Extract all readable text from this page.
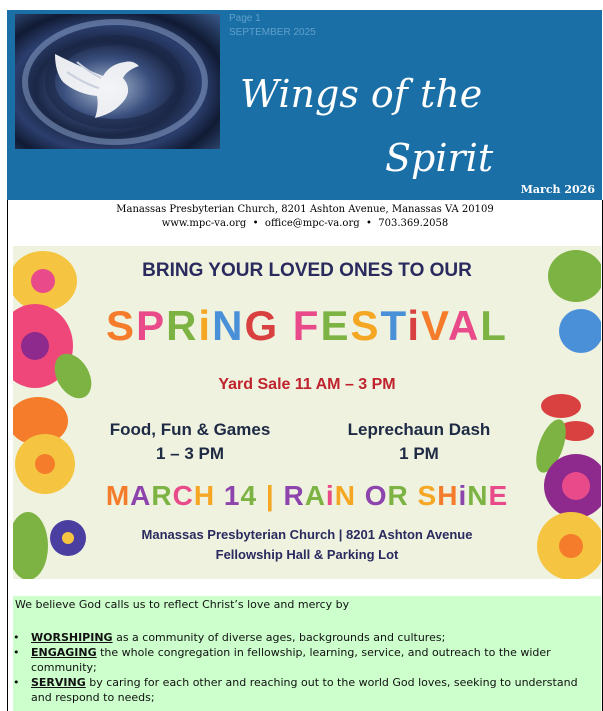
Page 1
SEPTEMBER 2025
Wings of the
Spirit
March 2026
Manassas Presbyterian Church, 8201 Ashton Avenue, Manassas VA 20109
www.mpc-va.org • office@mpc-va.org • 703.369.2058
BRING YOUR LOVED ONES TO OUR
SPRiNG FESTiVAL
Yard Sale 11 AM – 3 PM
Food, Fun & Games
1 – 3 PM
Leprechaun Dash
1 PM
MARCH 14 | RAiN OR SHiNE
Manassas Presbyterian Church | 8201 Ashton Avenue
Fellowship Hall & Parking Lot
We believe God calls us to reflect Christ’s love and mercy by
• WORSHIPING as a community of diverse ages, backgrounds and cultures;
• ENGAGING the whole congregation in fellowship, learning, service, and outreach to the wider community;
• SERVING by caring for each other and reaching out to the world God loves, seeking to understand and respond to needs;
